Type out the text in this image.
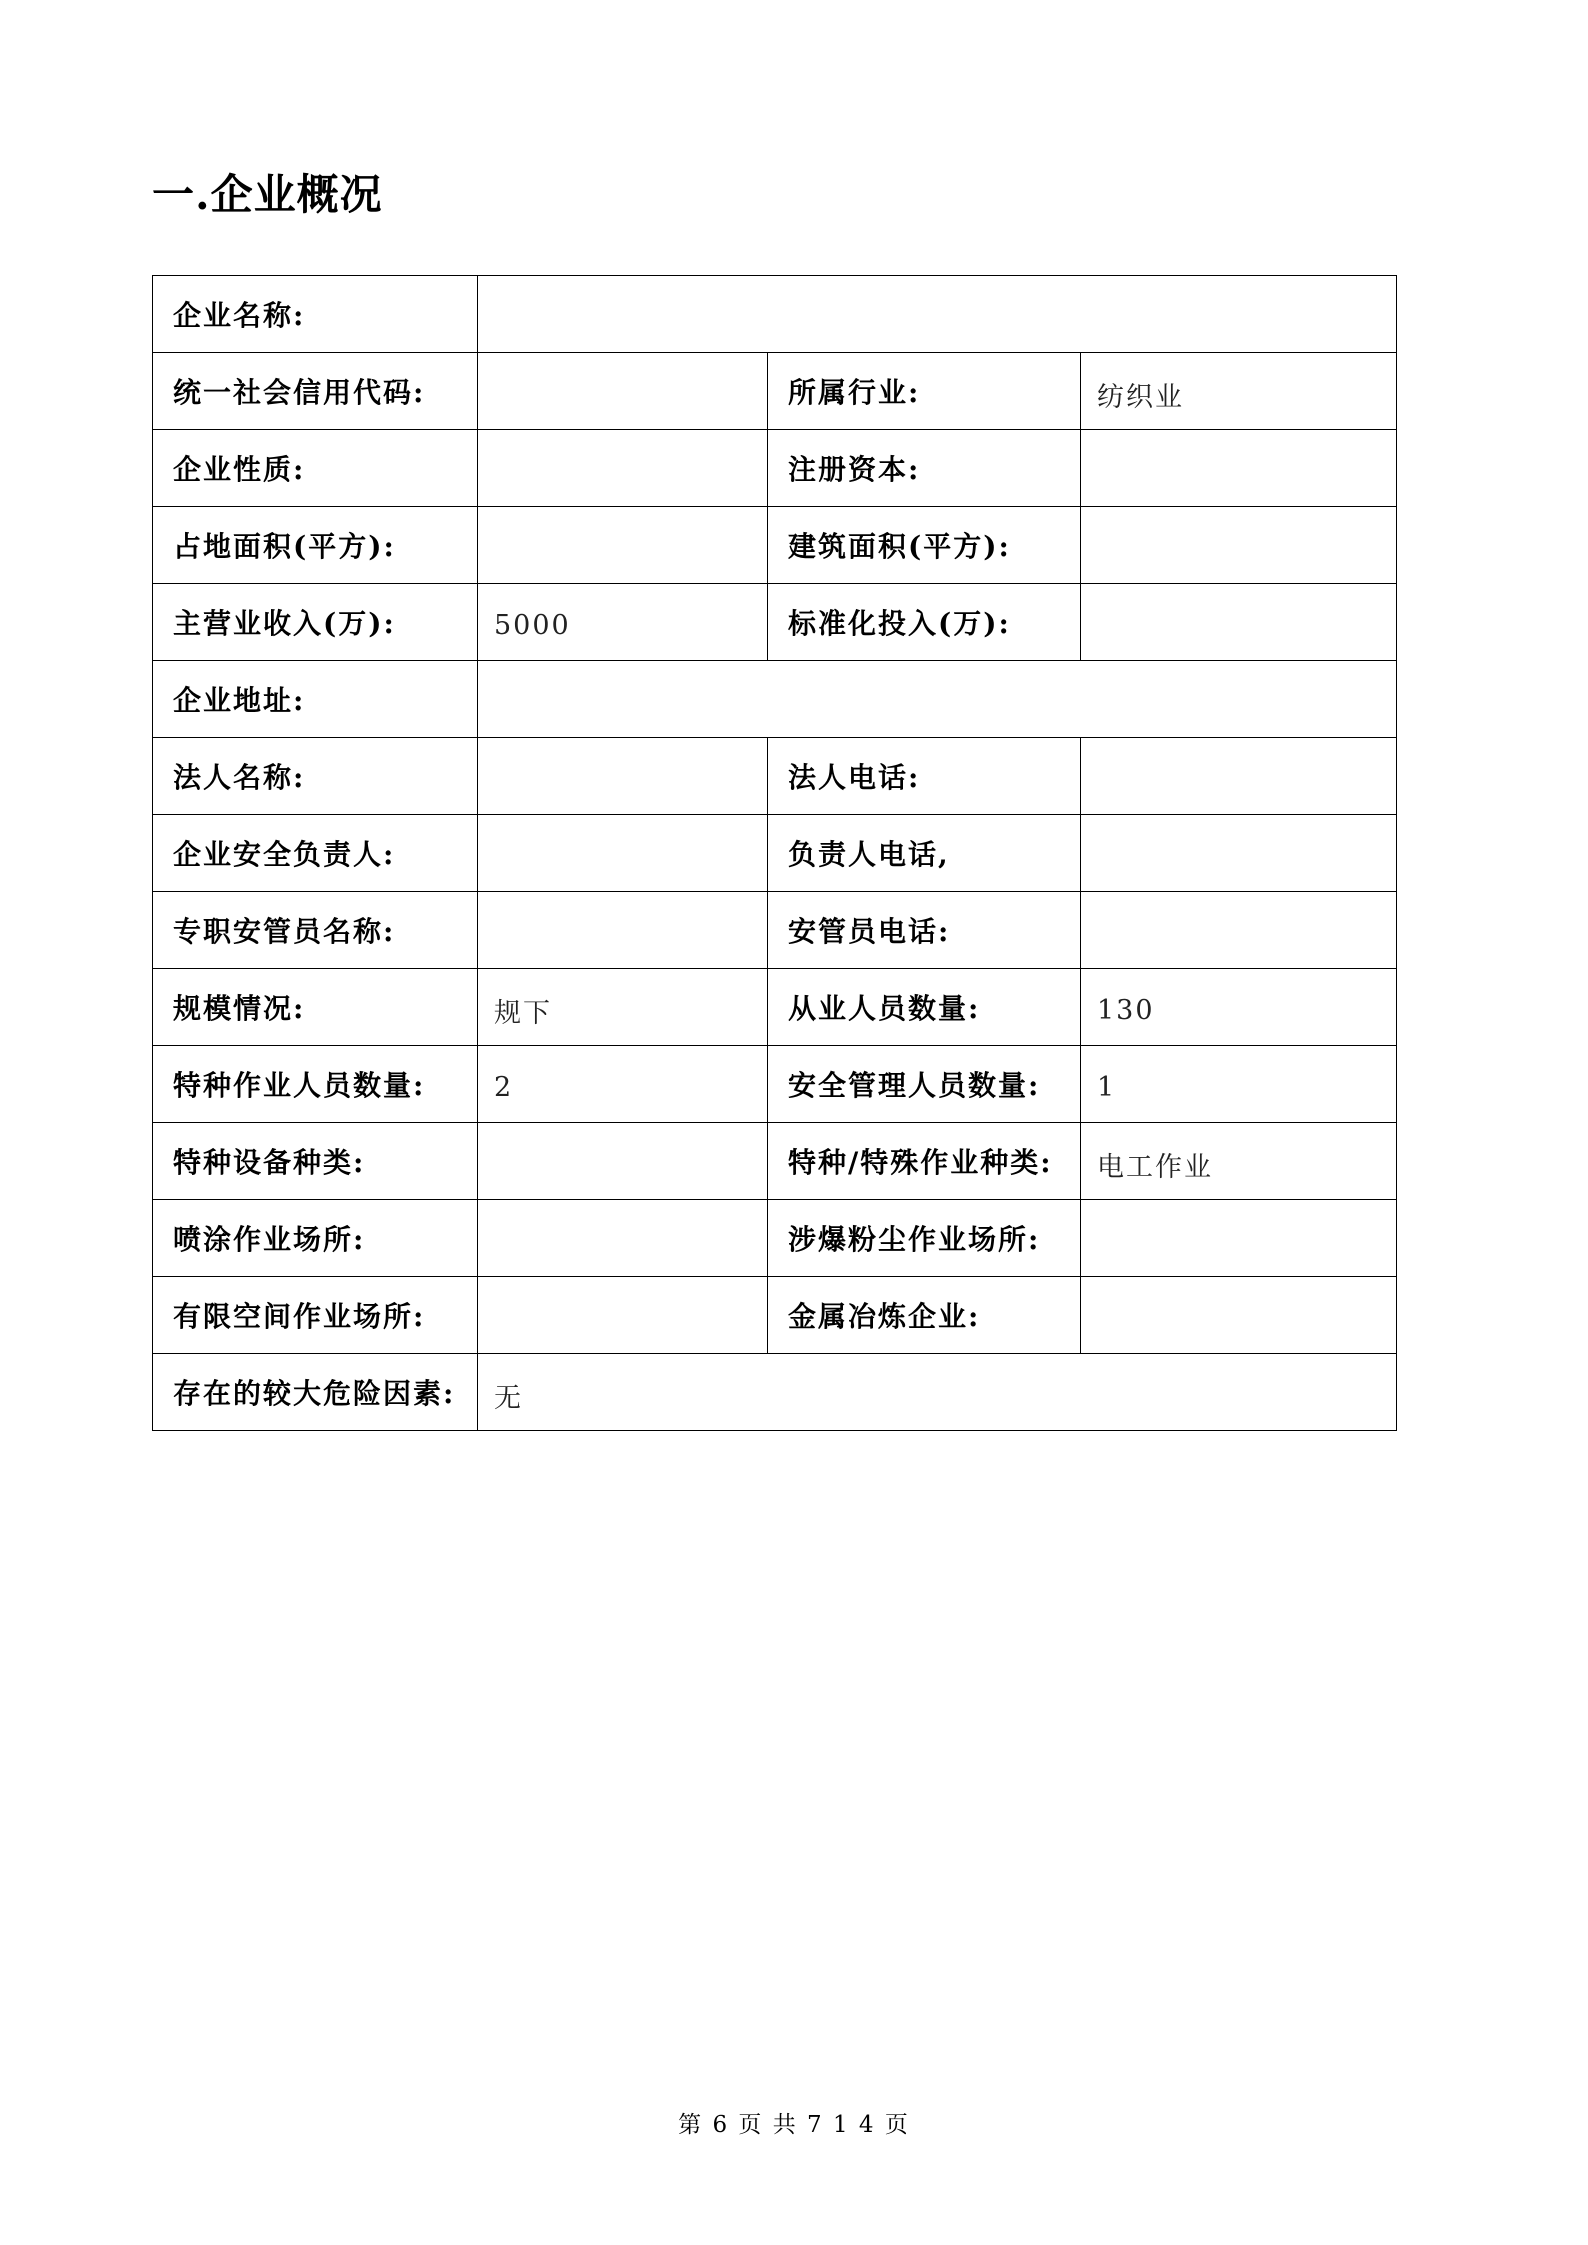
一.企业概况
企业名称:			
统一社会信用代码:		所属行业:	纺织业
企业性质:		注册资本:	
占地面积(平方):		建筑面积(平方):	
主营业收入(万):	5000	标准化投入(万):	
企业地址:			
法人名称:		法人电话:	
企业安全负责人:		负责人电话,	
专职安管员名称:		安管员电话:	
规模情况:	规下	从业人员数量:	130
特种作业人员数量:	2	安全管理人员数量:	1
特种设备种类:		特种/特殊作业种类:	电工作业
喷涂作业场所:		涉爆粉尘作业场所:	
有限空间作业场所:		金属冶炼企业:	
存在的较大危险因素:	无		
第 6 页 共 7 1 4 页
